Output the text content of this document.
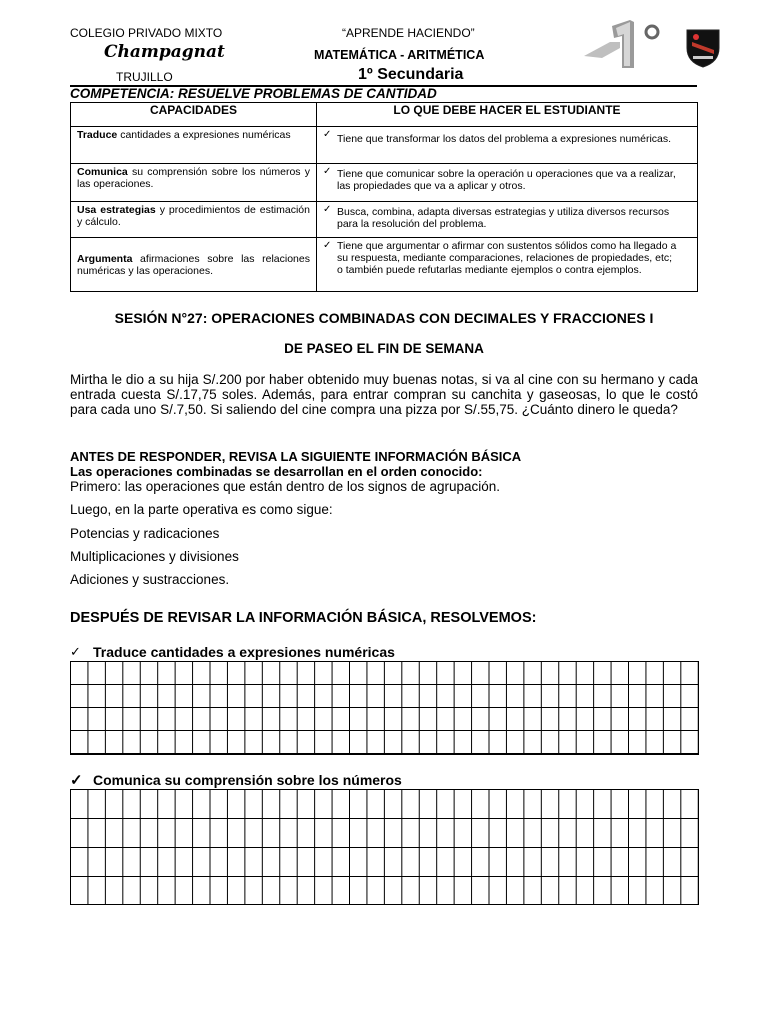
COLEGIO PRIVADO MIXTO
Champagnat
TRUJILLO
“APRENDE HACIENDO”
MATEMÁTICA - ARITMÉTICA
1º Secundaria
COMPETENCIA: RESUELVE PROBLEMAS DE CANTIDAD
CAPACIDADES	LO QUE DEBE HACER EL ESTUDIANTE
Traduce cantidades a expresiones numéricas	✓ Tiene que transformar los datos del problema a expresiones numéricas.
Comunica su comprensión sobre los números y las operaciones.	✓ Tiene que comunicar sobre la operación u operaciones que va a realizar, las propiedades que va a aplicar y otros.
Usa estrategias y procedimientos de estimación y cálculo.	✓ Busca, combina, adapta diversas estrategias y utiliza diversos recursos para la resolución del problema.
Argumenta afirmaciones sobre las relaciones numéricas y las operaciones.	✓ Tiene que argumentar o afirmar con sustentos sólidos como ha llegado a su respuesta, mediante comparaciones, relaciones de propiedades, etc; o también puede refutarlas mediante ejemplos o contra ejemplos.
SESIÓN N°27: OPERACIONES COMBINADAS CON DECIMALES Y FRACCIONES I
DE PASEO EL FIN DE SEMANA
Mirtha le dio a su hija S/.200 por haber obtenido muy buenas notas, si va al cine con su hermano y cada entrada cuesta S/.17,75 soles. Además, para entrar compran su canchita y gaseosas, lo que le costó para cada uno S/.7,50. Si saliendo del cine compra una pizza por S/.55,75. ¿Cuánto dinero le queda?
ANTES DE RESPONDER, REVISA LA SIGUIENTE INFORMACIÓN BÁSICA
Las operaciones combinadas se desarrollan en el orden conocido:
Primero: las operaciones que están dentro de los signos de agrupación.
Luego, en la parte operativa es como sigue:
Potencias y radicaciones
Multiplicaciones y divisiones
Adiciones y sustracciones.
DESPUÉS DE REVISAR LA INFORMACIÓN BÁSICA, RESOLVEMOS:
✓ Traduce cantidades a expresiones numéricas
✓ Comunica su comprensión sobre los números
